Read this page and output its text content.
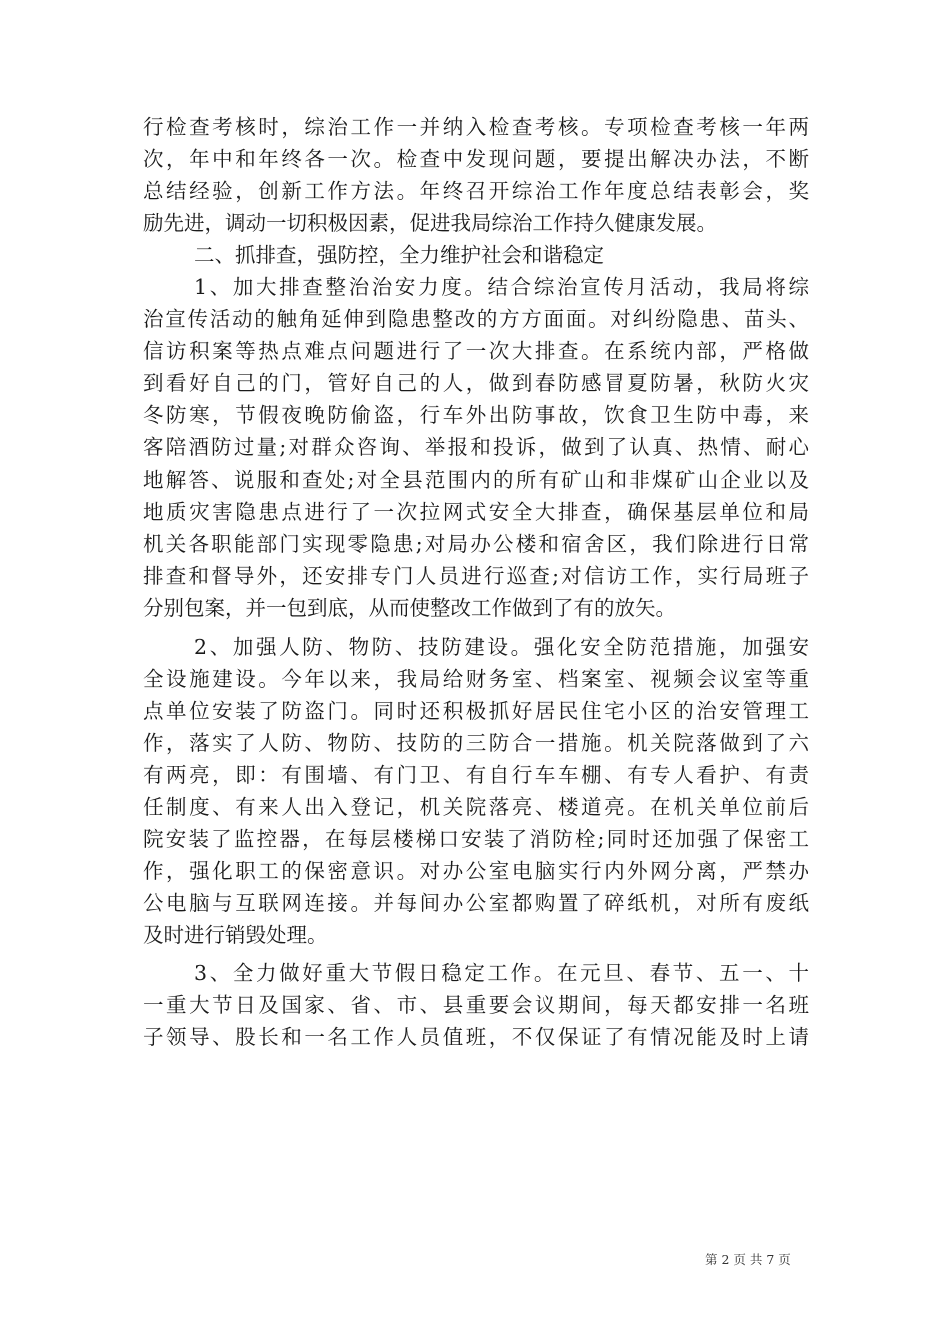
行检查考核时，综治工作一并纳入检查考核。专项检查考核一年两
次，年中和年终各一次。检查中发现问题，要提出解决办法，不断
总结经验，创新工作方法。年终召开综治工作年度总结表彰会，奖
励先进，调动一切积极因素，促进我局综治工作持久健康发展。
二、抓排查，强防控，全力维护社会和谐稳定
1、加大排查整治治安力度。结合综治宣传月活动，我局将综
治宣传活动的触角延伸到隐患整改的方方面面。对纠纷隐患、苗头、
信访积案等热点难点问题进行了一次大排查。在系统内部，严格做
到看好自己的门，管好自己的人，做到春防感冒夏防暑，秋防火灾
冬防寒，节假夜晚防偷盗，行车外出防事故，饮食卫生防中毒，来
客陪酒防过量;对群众咨询、举报和投诉，做到了认真、热情、耐心
地解答、说服和查处;对全县范围内的所有矿山和非煤矿山企业以及
地质灾害隐患点进行了一次拉网式安全大排查，确保基层单位和局
机关各职能部门实现零隐患;对局办公楼和宿舍区，我们除进行日常
排查和督导外，还安排专门人员进行巡查;对信访工作，实行局班子
分别包案，并一包到底，从而使整改工作做到了有的放矢。
2、加强人防、物防、技防建设。强化安全防范措施，加强安
全设施建设。今年以来，我局给财务室、档案室、视频会议室等重
点单位安装了防盗门。同时还积极抓好居民住宅小区的治安管理工
作，落实了人防、物防、技防的三防合一措施。机关院落做到了六
有两亮，即：有围墙、有门卫、有自行车车棚、有专人看护、有责
任制度、有来人出入登记，机关院落亮、楼道亮。在机关单位前后
院安装了监控器，在每层楼梯口安装了消防栓;同时还加强了保密工
作，强化职工的保密意识。对办公室电脑实行内外网分离，严禁办
公电脑与互联网连接。并每间办公室都购置了碎纸机，对所有废纸
及时进行销毁处理。
3、全力做好重大节假日稳定工作。在元旦、春节、五一、十
一重大节日及国家、省、市、县重要会议期间，每天都安排一名班
子领导、股长和一名工作人员值班，不仅保证了有情况能及时上请
第 2 页 共 7 页
